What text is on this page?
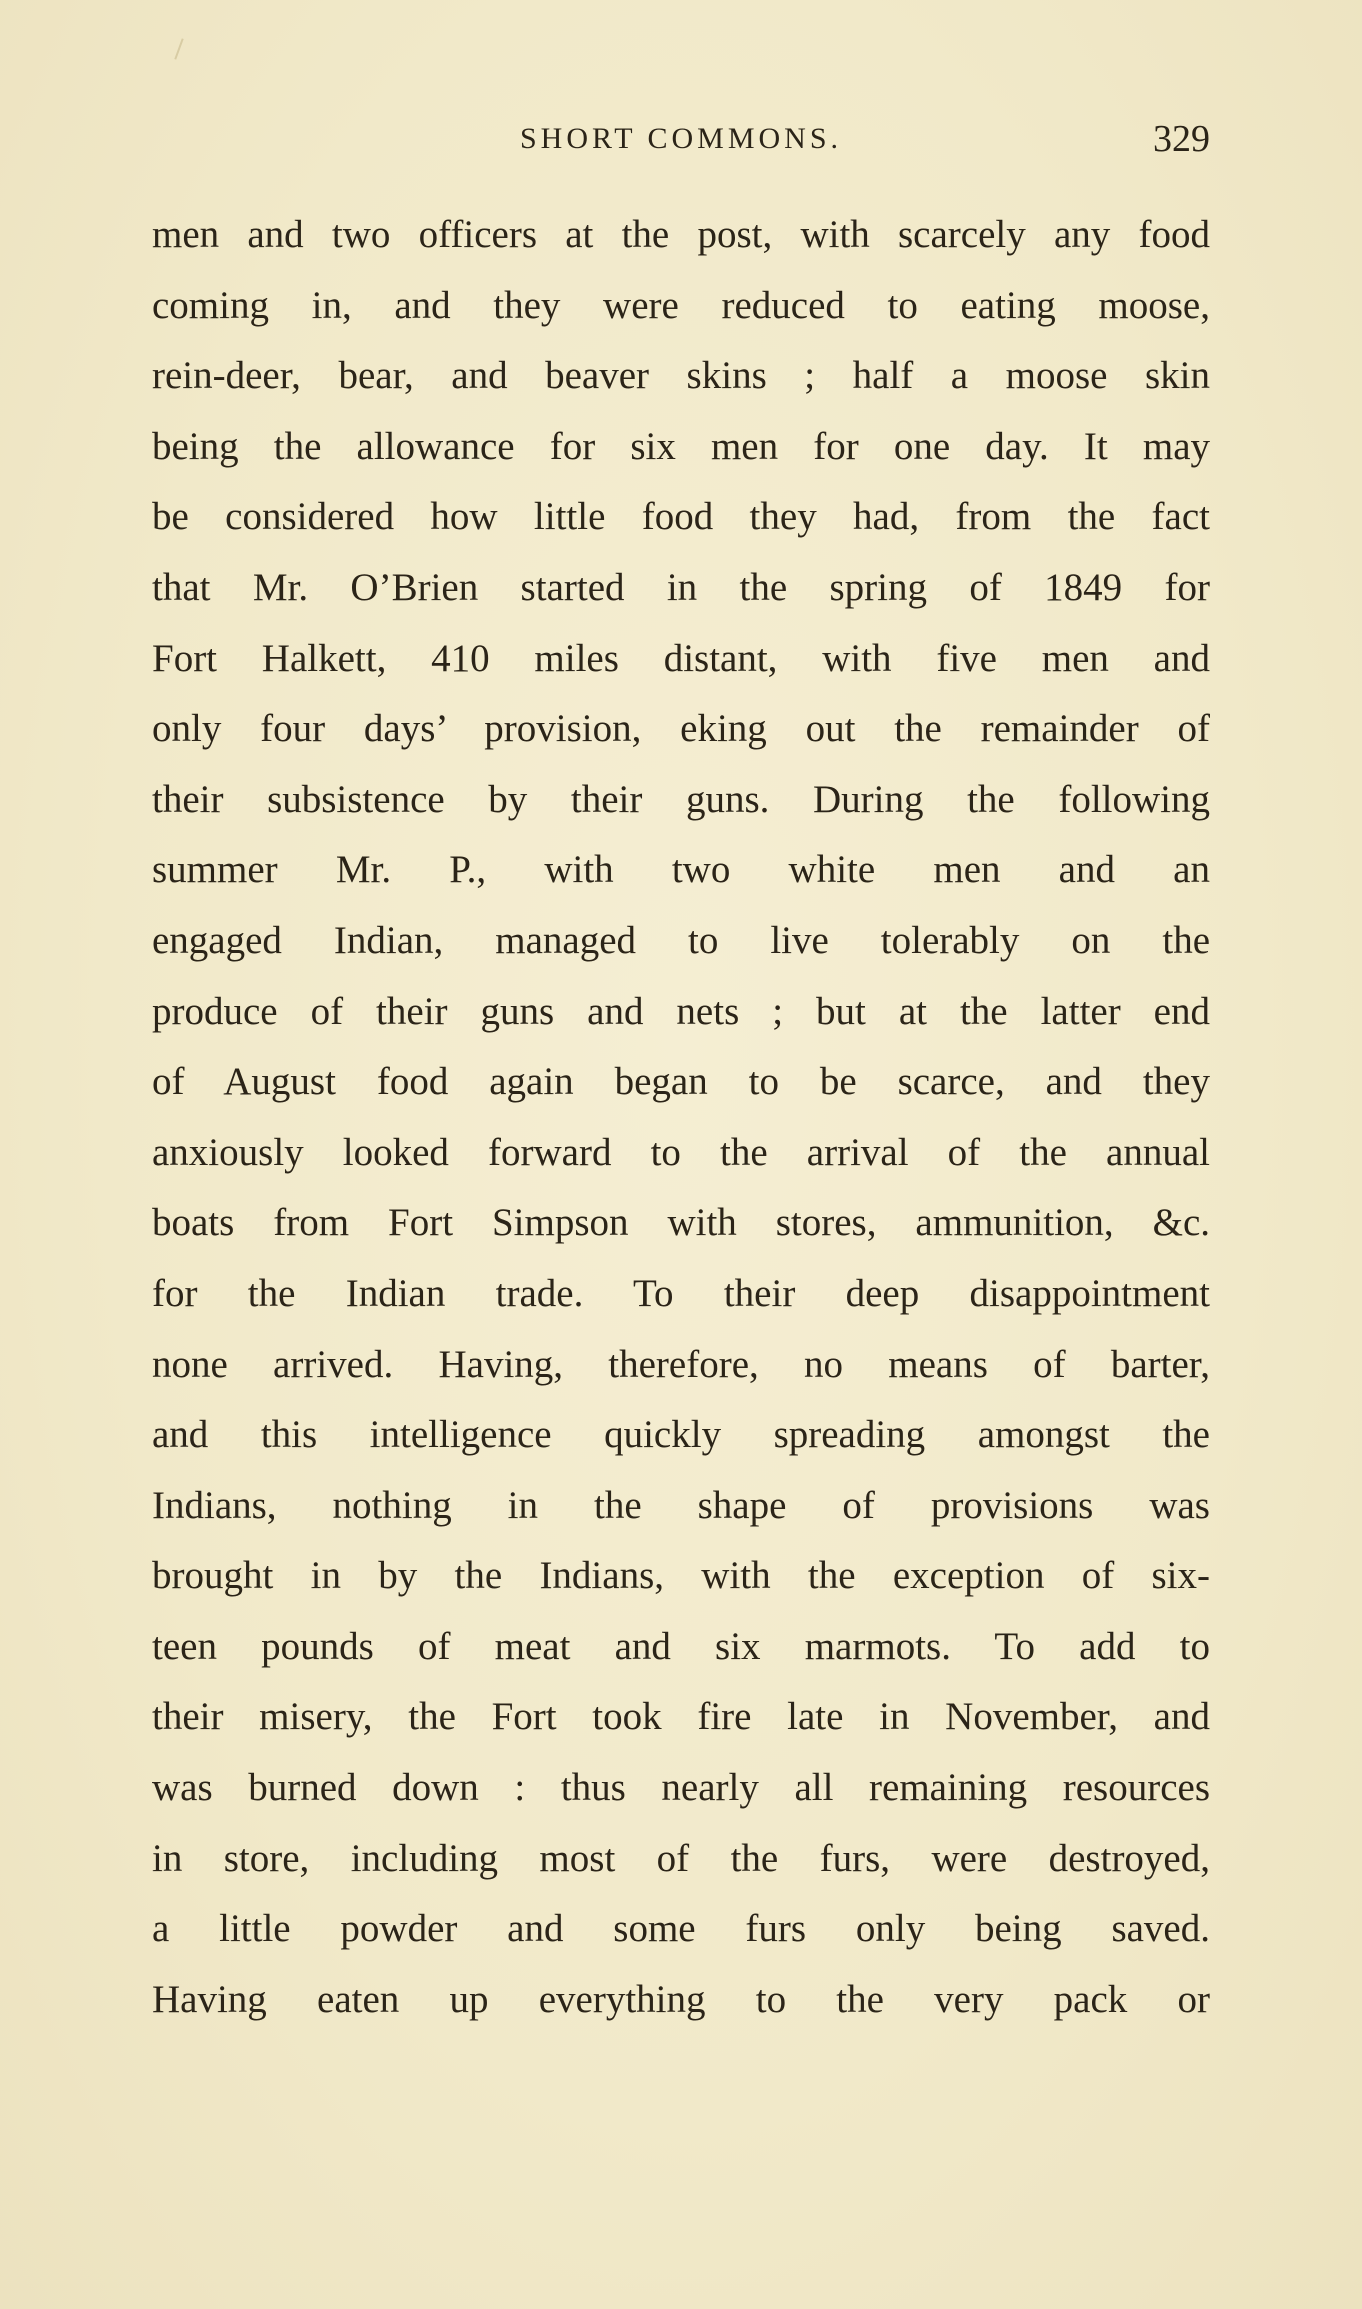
SHORT COMMONS.	329
men and two officers at the post, with scarcely any food
coming in, and they were reduced to eating moose,
rein-deer, bear, and beaver skins ; half a moose skin
being the allowance for six men for one day. It may
be considered how little food they had, from the fact
that Mr. O’Brien started in the spring of 1849 for
Fort Halkett, 410 miles distant, with five men and
only four days’ provision, eking out the remainder of
their subsistence by their guns. During the following
summer Mr. P., with two white men and an
engaged Indian, managed to live tolerably on the
produce of their guns and nets ; but at the latter end
of August food again began to be scarce, and they
anxiously looked forward to the arrival of the annual
boats from Fort Simpson with stores, ammunition, &c.
for the Indian trade. To their deep disappointment
none arrived. Having, therefore, no means of barter,
and this intelligence quickly spreading amongst the
Indians, nothing in the shape of provisions was
brought in by the Indians, with the exception of six-
teen pounds of meat and six marmots. To add to
their misery, the Fort took fire late in November, and
was burned down : thus nearly all remaining resources
in store, including most of the furs, were destroyed,
a little powder and some furs only being saved.
Having eaten up everything to the very pack or
